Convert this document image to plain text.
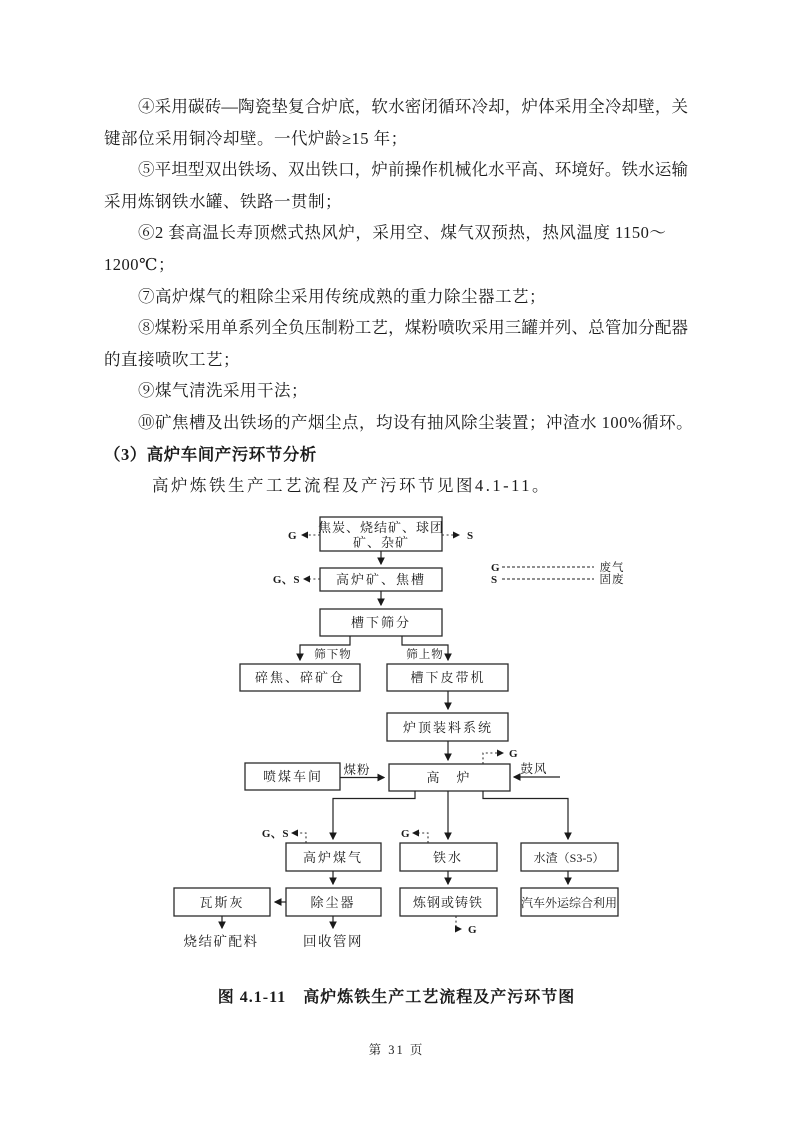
④采用碳砖—陶瓷垫复合炉底，软水密闭循环冷却，炉体采用全冷却壁，关
键部位采用铜冷却壁。一代炉龄≥15 年；
⑤平坦型双出铁场、双出铁口，炉前操作机械化水平高、环境好。铁水运输
采用炼钢铁水罐、铁路一贯制；
⑥2 套高温长寿顶燃式热风炉，采用空、煤气双预热，热风温度 1150～
1200℃；
⑦高炉煤气的粗除尘采用传统成熟的重力除尘器工艺；
⑧煤粉采用单系列全负压制粉工艺，煤粉喷吹采用三罐并列、总管加分配器
的直接喷吹工艺；
⑨煤气清洗采用干法；
⑩矿焦槽及出铁场的产烟尘点，均设有抽风除尘装置；冲渣水 100%循环。
（3）高炉车间产污环节分析
高炉炼铁生产工艺流程及产污环节见图4.1-11。
焦炭、烧结矿、球团
矿、杂矿
高炉矿、焦槽
槽下筛分
碎焦、碎矿仓	槽下皮带机
炉顶装料系统
喷煤车间	高　炉
高炉煤气	铁水	水渣（S3-5）
瓦斯灰	除尘器	炼钢或铸铁	汽车外运综合利用
G	S
G、S
G
G、S	G
G
筛下物	筛上物
煤粉	鼓风
烧结矿配料	回收管网
G	废气
S	固废
图 4.1-11　高炉炼铁生产工艺流程及产污环节图
第 31 页
